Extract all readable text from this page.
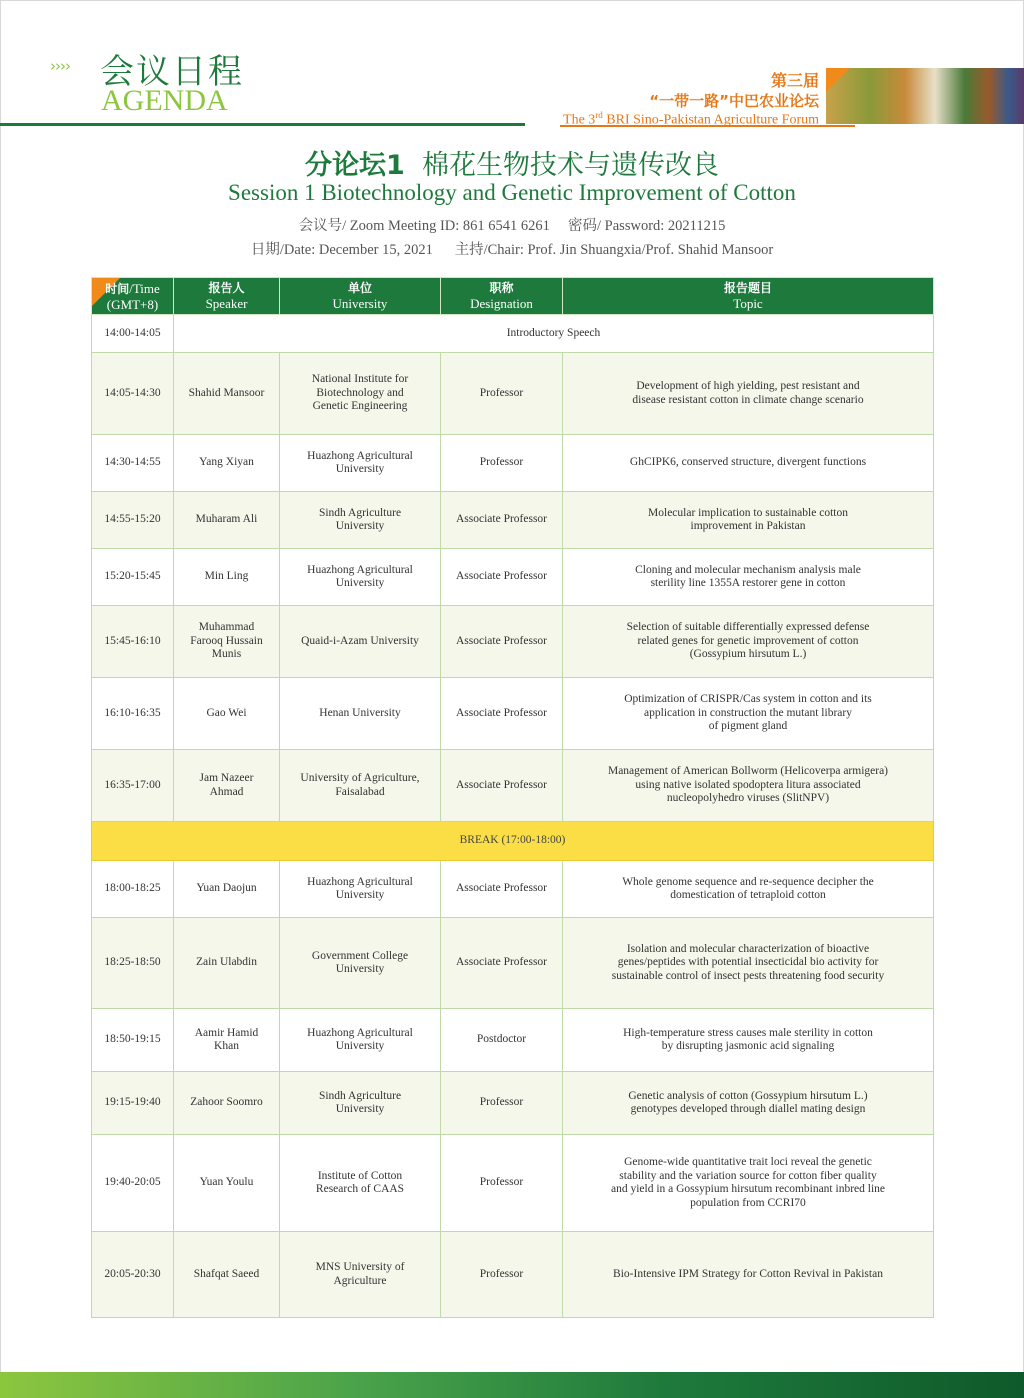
›››› 会议日程
AGENDA
第三届
“一带一路”中巴农业论坛
The 3rd BRI Sino-Pakistan Agriculture Forum
分论坛1  棉花生物技术与遗传改良
Session 1 Biotechnology and Genetic Improvement of Cotton
会议号/ Zoom Meeting ID: 861 6541 6261     密码/ Password: 20211215
日期/Date: December 15, 2021      主持/Chair: Prof. Jin Shuangxia/Prof. Shahid Mansoor
时间/Time
(GMT+8)	报告人
Speaker	单位
University	职称
Designation	报告题目
Topic
14:00-14:05	Introductory Speech			
14:05-14:30	Shahid Mansoor	National Institute for
Biotechnology and
Genetic Engineering	Professor	Development of high yielding, pest resistant and
disease resistant cotton in climate change scenario
14:30-14:55	Yang Xiyan	Huazhong Agricultural
University	Professor	GhCIPK6, conserved structure, divergent functions
14:55-15:20	Muharam Ali	Sindh Agriculture
University	Associate Professor	Molecular implication to sustainable cotton
improvement in Pakistan
15:20-15:45	Min Ling	Huazhong Agricultural
University	Associate Professor	Cloning and molecular mechanism analysis male
sterility line 1355A restorer gene in cotton
15:45-16:10	Muhammad
Farooq Hussain
Munis	Quaid-i-Azam University	Associate Professor	Selection of suitable differentially expressed defense
related genes for genetic improvement of cotton
(Gossypium hirsutum L.)
16:10-16:35	Gao Wei	Henan University	Associate Professor	Optimization of CRISPR/Cas system in cotton and its
application in construction the mutant library
of pigment gland
16:35-17:00	Jam Nazeer
Ahmad	University of Agriculture,
Faisalabad	Associate Professor	Management of American Bollworm (Helicoverpa armigera)
using native isolated spodoptera litura associated
nucleopolyhedro viruses (SlitNPV)
BREAK (17:00-18:00)				
18:00-18:25	Yuan Daojun	Huazhong Agricultural
University	Associate Professor	Whole genome sequence and re-sequence decipher the
domestication of tetraploid cotton
18:25-18:50	Zain Ulabdin	Government College
University	Associate Professor	Isolation and molecular characterization of bioactive
genes/peptides with potential insecticidal bio activity for
sustainable control of insect pests threatening food security
18:50-19:15	Aamir Hamid
Khan	Huazhong Agricultural
University	Postdoctor	High-temperature stress causes male sterility in cotton
by disrupting jasmonic acid signaling
19:15-19:40	Zahoor Soomro	Sindh Agriculture
University	Professor	Genetic analysis of cotton (Gossypium hirsutum L.)
genotypes developed through diallel mating design
19:40-20:05	Yuan Youlu	Institute of Cotton
Research of CAAS	Professor	Genome-wide quantitative trait loci reveal the genetic
stability and the variation source for cotton fiber quality
and yield in a Gossypium hirsutum recombinant inbred line
population from CCRI70
20:05-20:30	Shafqat Saeed	MNS University of
Agriculture	Professor	Bio-Intensive IPM Strategy for Cotton Revival in Pakistan
